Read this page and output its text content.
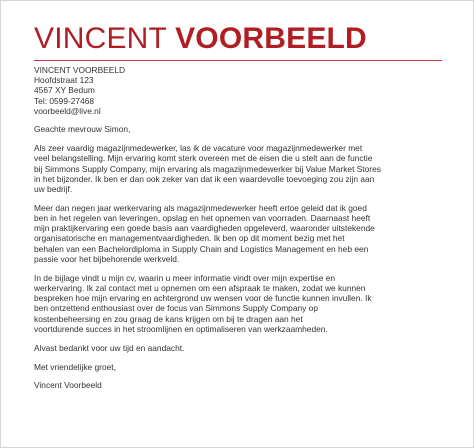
VINCENT VOORBEELD
VINCENT VOORBEELD
Hoofdstraat 123
4567 XY Bedum
Tel: 0599-27468
voorbeeld@live.nl

Geachte mevrouw Simon,

Als zeer vaardig magazijnmedewerker, las ik de vacature voor magazijnmedewerker met
veel belangstelling. Mijn ervaring komt sterk overeen met de eisen die u stelt aan de functie
bij Simmons Supply Company, mijn ervaring als magazijnmedewerker bij Value Market Stores
in het bijzonder. Ik ben er dan ook zeker van dat ik een waardevolle toevoeging zou zijn aan
uw bedrijf.

Meer dan negen jaar werkervaring als magazijnmedewerker heeft ertoe geleid dat ik goed
ben in het regelen van leveringen, opslag en het opnemen van voorraden. Daarnaast heeft
mijn praktijkervaring een goede basis aan vaardigheden opgeleverd, waaronder uitstekende
organisatorische en managementvaardigheden. Ik ben op dit moment bezig met het
behalen van een Bachelordiploma in Supply Chain and Logistics Management en heb een
passie voor het bijbehorende werkveld.

In de bijlage vindt u mijn cv, waarin u meer informatie vindt over mijn expertise en
werkervaring. Ik zal contact met u opnemen om een afspraak te maken, zodat we kunnen
bespreken hoe mijn ervaring en achtergrond uw wensen voor de functie kunnen invullen. Ik
ben ontzettend enthousiast over de focus van Simmons Supply Company op
kostenbeheersing en zou graag de kans krijgen om bij te dragen aan het
voortdurende succes in het stroomlijnen en optimaliseren van werkzaamheden.

Alvast bedankt voor uw tijd en aandacht.

Met vriendelijke groet,

Vincent Voorbeeld
